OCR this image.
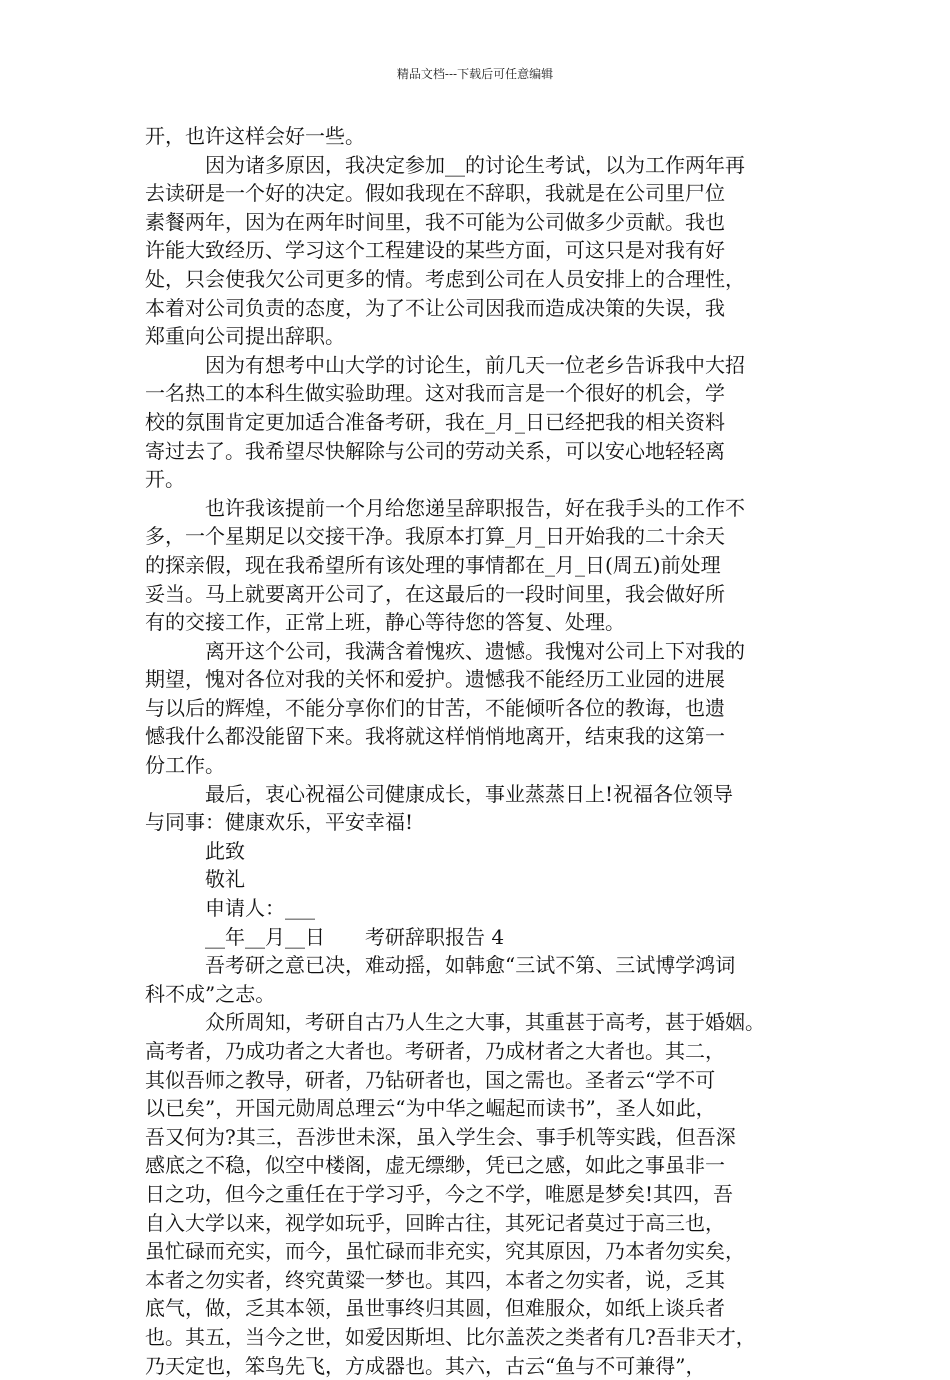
精品文档---下载后可任意编辑
开，也许这样会好一些。
因为诸多原因，我决定参加__的讨论生考试，以为工作两年再
去读研是一个好的决定。假如我现在不辞职，我就是在公司里尸位
素餐两年，因为在两年时间里，我不可能为公司做多少贡献。我也
许能大致经历、学习这个工程建设的某些方面，可这只是对我有好
处，只会使我欠公司更多的情。考虑到公司在人员安排上的合理性，
本着对公司负责的态度，为了不让公司因我而造成决策的失误，我
郑重向公司提出辞职。
因为有想考中山大学的讨论生，前几天一位老乡告诉我中大招
一名热工的本科生做实验助理。这对我而言是一个很好的机会，学
校的氛围肯定更加适合准备考研，我在_月_日已经把我的相关资料
寄过去了。我希望尽快解除与公司的劳动关系，可以安心地轻轻离
开。
也许我该提前一个月给您递呈辞职报告，好在我手头的工作不
多，一个星期足以交接干净。我原本打算_月_日开始我的二十余天
的探亲假，现在我希望所有该处理的事情都在_月_日(周五)前处理
妥当。马上就要离开公司了，在这最后的一段时间里，我会做好所
有的交接工作，正常上班，静心等待您的答复、处理。
离开这个公司，我满含着愧疚、遗憾。我愧对公司上下对我的
期望，愧对各位对我的关怀和爱护。遗憾我不能经历工业园的进展
与以后的辉煌，不能分享你们的甘苦，不能倾听各位的教诲，也遗
憾我什么都没能留下来。我将就这样悄悄地离开，结束我的这第一
份工作。
最后，衷心祝福公司健康成长，事业蒸蒸日上!祝福各位领导
与同事：健康欢乐，平安幸福!
此致
敬礼
申请人：___
__年__月__日　　考研辞职报告 4
吾考研之意已决，难动摇，如韩愈“三试不第、三试博学鸿词
科不成”之志。
众所周知，考研自古乃人生之大事，其重甚于高考，甚于婚姻。
高考者，乃成功者之大者也。考研者，乃成材者之大者也。其二，
其似吾师之教导，研者，乃钻研者也，国之需也。圣者云“学不可
以已矣”，开国元勋周总理云“为中华之崛起而读书”，圣人如此，
吾又何为?其三，吾涉世未深，虽入学生会、事手机等实践，但吾深
感底之不稳，似空中楼阁，虚无缥缈，凭已之感，如此之事虽非一
日之功，但今之重任在于学习乎，今之不学，唯愿是梦矣!其四，吾
自入大学以来，视学如玩乎，回眸古往，其死记者莫过于高三也，
虽忙碌而充实，而今，虽忙碌而非充实，究其原因，乃本者勿实矣，
本者之勿实者，终究黄粱一梦也。其四，本者之勿实者，说，乏其
底气，做，乏其本领，虽世事终归其圆，但难服众，如纸上谈兵者
也。其五，当今之世，如爱因斯坦、比尔盖茨之类者有几?吾非天才，
乃天定也，笨鸟先飞，方成器也。其六，古云“鱼与不可兼得”，
